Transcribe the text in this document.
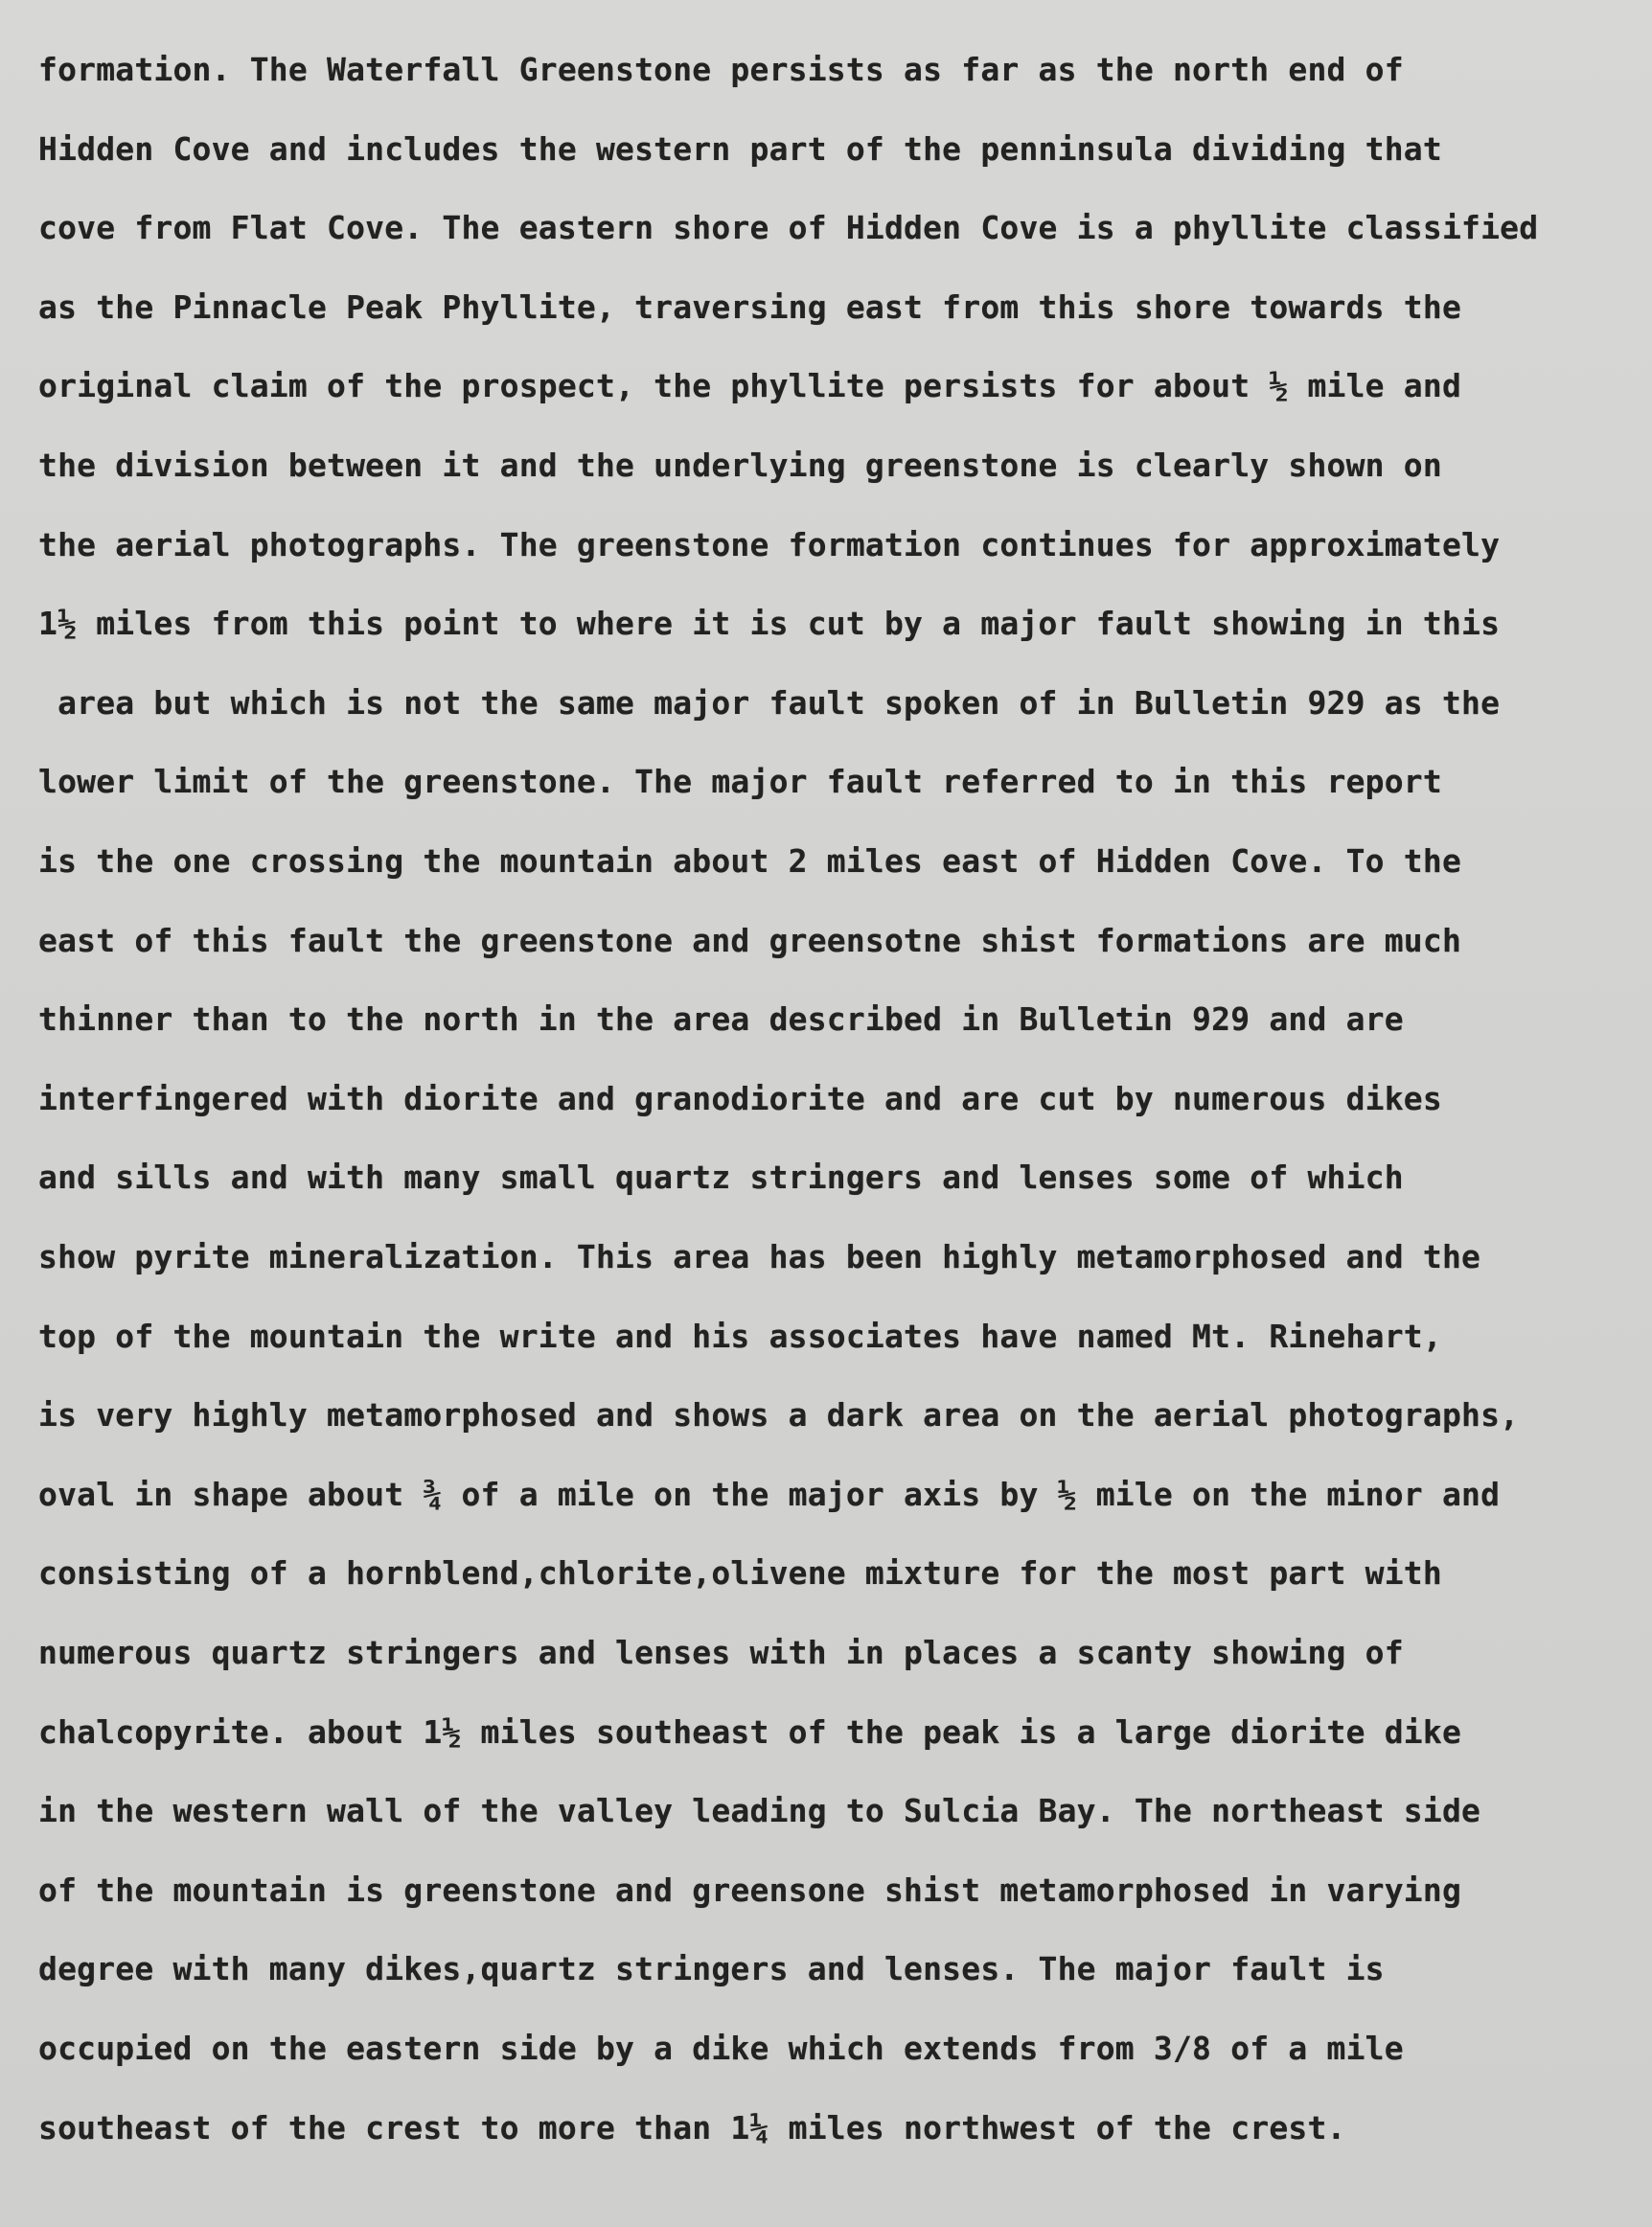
formation. The Waterfall Greenstone persists as far as the north end of
Hidden Cove and includes the western part of the penninsula dividing that
cove from Flat Cove. The eastern shore of Hidden Cove is a phyllite classified
as the Pinnacle Peak Phyllite, traversing east from this shore towards the
original claim of the prospect, the phyllite persists for about ½ mile and
the division between it and the underlying greenstone is clearly shown on
the aerial photographs. The greenstone formation continues for approximately
1½ miles from this point to where it is cut by a major fault showing in this
area but which is not the same major fault spoken of in Bulletin 929 as the
lower limit of the greenstone. The major fault referred to in this report
is the one crossing the mountain about 2 miles east of Hidden Cove. To the
east of this fault the greenstone and greensotne shist formations are much
thinner than to the north in the area described in Bulletin 929 and are
interfingered with diorite and granodiorite and are cut by numerous dikes
and sills and with many small quartz stringers and lenses some of which
show pyrite mineralization. This area has been highly metamorphosed and the
top of the mountain the write and his associates have named Mt. Rinehart,
is very highly metamorphosed and shows a dark area on the aerial photographs,
oval in shape about ¾ of a mile on the major axis by ½ mile on the minor and
consisting of a hornblend,chlorite,olivene mixture for the most part with
numerous quartz stringers and lenses with in places a scanty showing of
chalcopyrite. about 1½ miles southeast of the peak is a large diorite dike
in the western wall of the valley leading to Sulcia Bay. The northeast side
of the mountain is greenstone and greensone shist metamorphosed in varying
degree with many dikes,quartz stringers and lenses. The major fault is
occupied on the eastern side by a dike which extends from 3/8 of a mile
southeast of the crest to more than 1¼ miles northwest of the crest.
